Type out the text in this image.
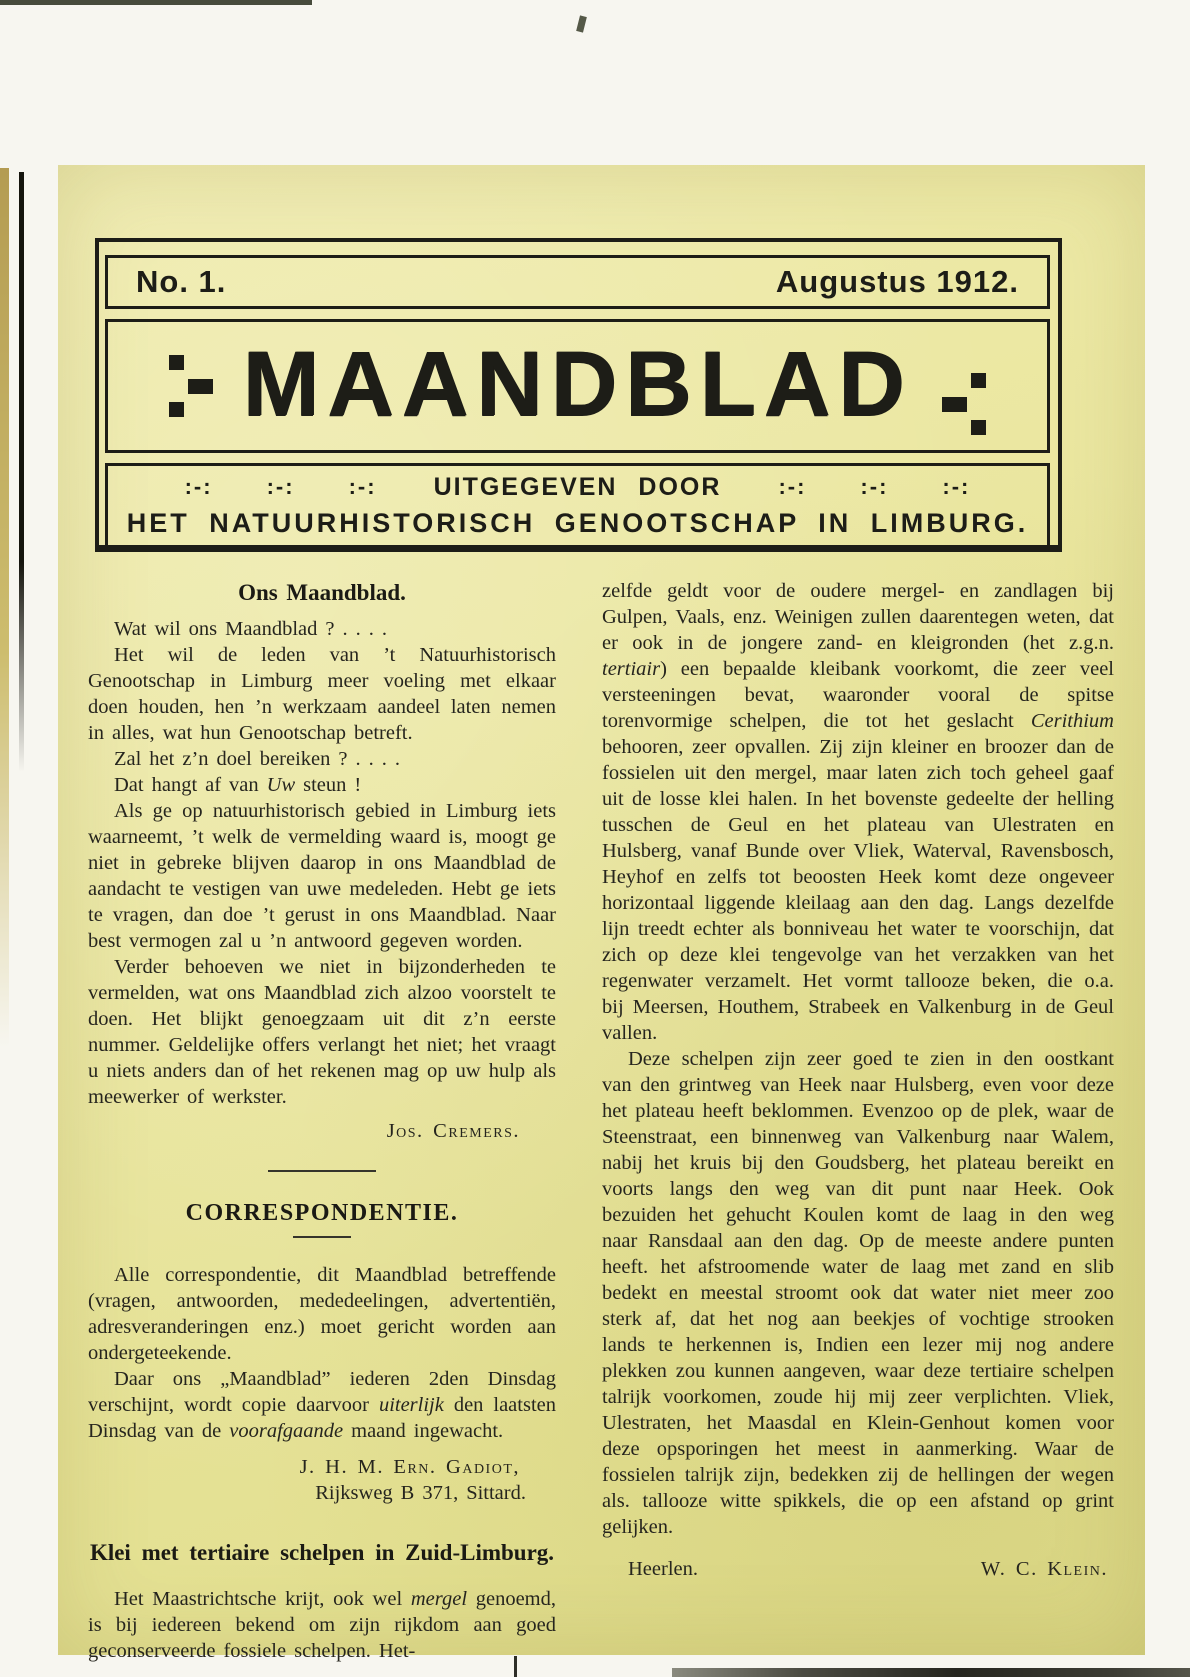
No. 1.	Augustus 1912.
MAANDBLAD
:-: :-: :-: UITGEGEVEN DOOR	:-: :-: :-:
HET NATUURHISTORISCH GENOOTSCHAP IN LIMBURG.
Ons Maandblad.

Wat wil ons Maandblad ? . . . .

Het wil de leden van ’t Natuurhistorisch Genootschap in Limburg meer voeling met elkaar doen houden, hen ’n werkzaam aandeel laten nemen in alles, wat hun Genootschap betreft.

Zal het z’n doel bereiken ? . . . .

Dat hangt af van Uw steun !

Als ge op natuurhistorisch gebied in Limburg iets waarneemt, ’t welk de vermelding waard is, moogt ge niet in gebreke blijven daarop in ons Maandblad de aandacht te vestigen van uwe medeleden. Hebt ge iets te vragen, dan doe ’t gerust in ons Maandblad. Naar best vermogen zal u ’n antwoord gegeven worden.

Verder behoeven we niet in bijzonderheden te vermelden, wat ons Maandblad zich alzoo voorstelt te doen. Het blijkt genoegzaam uit dit z’n eerste nummer. Geldelijke offers verlangt het niet; het vraagt u niets anders dan of het rekenen mag op uw hulp als meewerker of werkster.

Jos. Cremers.
CORRESPONDENTIE.

Alle correspondentie, dit Maandblad betreffende (vragen, antwoorden, mededeelingen, advertentiën, adresveranderingen enz.) moet gericht worden aan ondergeteekende.

Daar ons „Maandblad” iederen 2den Dinsdag verschijnt, wordt copie daarvoor uiterlijk den laatsten Dinsdag van de voorafgaande maand ingewacht.

J. H. M. Ern. Gadiot,
Rijksweg B 371, Sittard.
Klei met tertiaire schelpen in Zuid-Limburg.

Het Maastrichtsche krijt, ook wel mergel genoemd, is bij iedereen bekend om zijn rijkdom aan goed geconserveerde fossiele schelpen. Het-

zelfde geldt voor de oudere mergel- en zandlagen bij Gulpen, Vaals, enz. Weinigen zullen daarentegen weten, dat er ook in de jongere zand- en kleigronden (het z.g.n. tertiair) een bepaalde kleibank voorkomt, die zeer veel versteeningen bevat, waaronder vooral de spitse torenvormige schelpen, die tot het geslacht Cerithium behooren, zeer opvallen. Zij zijn kleiner en broozer dan de fossielen uit den mergel, maar laten zich toch geheel gaaf uit de losse klei halen. In het bovenste gedeelte der helling tusschen de Geul en het plateau van Ulestraten en Hulsberg, vanaf Bunde over Vliek, Waterval, Ravensbosch, Heyhof en zelfs tot beoosten Heek komt deze ongeveer horizontaal liggende kleilaag aan den dag. Langs dezelfde lijn treedt echter als bonniveau het water te voorschijn, dat zich op deze klei tengevolge van het verzakken van het regenwater verzamelt. Het vormt tallooze beken, die o.a. bij Meersen, Houthem, Strabeek en Valkenburg in de Geul vallen.

Deze schelpen zijn zeer goed te zien in den oostkant van den grintweg van Heek naar Hulsberg, even voor deze het plateau heeft beklommen. Evenzoo op de plek, waar de Steenstraat, een binnenweg van Valkenburg naar Walem, nabij het kruis bij den Goudsberg, het plateau bereikt en voorts langs den weg van dit punt naar Heek. Ook bezuiden het gehucht Koulen komt de laag in den weg naar Ransdaal aan den dag. Op de meeste andere punten heeft. het afstroomende water de laag met zand en slib bedekt en meestal stroomt ook dat water niet meer zoo sterk af, dat het nog aan beekjes of vochtige strooken lands te herkennen is, Indien een lezer mij nog andere plekken zou kunnen aangeven, waar deze tertiaire schelpen talrijk voorkomen, zoude hij mij zeer verplichten. Vliek, Ulestraten, het Maasdal en Klein-Genhout komen voor deze opsporingen het meest in aanmerking. Waar de fossielen talrijk zijn, bedekken zij de hellingen der wegen als. tallooze witte spikkels, die op een afstand op grint gelijken.

Heerlen.	W. C. Klein.
